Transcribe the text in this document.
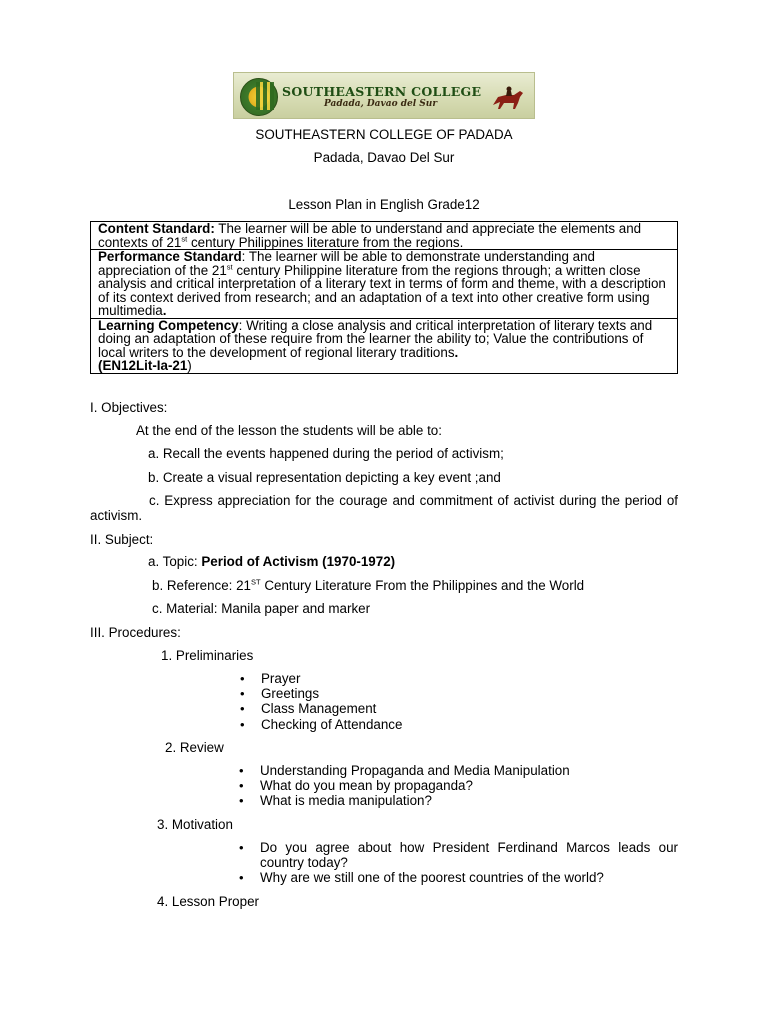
SOUTHEASTERN COLLEGE
Padada, Davao del Sur
SOUTHEASTERN COLLEGE OF PADADA
Padada, Davao Del Sur
Lesson Plan in English Grade12
Content Standard: The learner will be able to understand and appreciate the elements and contexts of 21st century Philippines literature from the regions.
Performance Standard: The learner will be able to demonstrate understanding and appreciation of the 21st century Philippine literature from the regions through; a written close analysis and critical interpretation of a literary text in terms of form and theme, with a description of its context derived from research; and an adaptation of a text into other creative form using multimedia.
Learning Competency: Writing a close analysis and critical interpretation of literary texts and doing an adaptation of these require from the learner the ability to; Value the contributions of local writers to the development of regional literary traditions.
(EN12Lit-Ia-21)
I. Objectives:
At the end of the lesson the students will be able to:
a. Recall the events happened during the period of activism;
b. Create a visual representation depicting a key event ;and
c. Express appreciation for the courage and commitment of activist during the period of activism.
II. Subject:
a. Topic: Period of Activism (1970-1972)
b. Reference: 21ST Century Literature From the Philippines and the World
c. Material: Manila paper and marker
III. Procedures:
1. Preliminaries
• Prayer
• Greetings
• Class Management
• Checking of Attendance
2. Review
• Understanding Propaganda and Media Manipulation
• What do you mean by propaganda?
• What is media manipulation?
3. Motivation
• Do you agree about how President Ferdinand Marcos leads our country today?
• Why are we still one of the poorest countries of the world?
4. Lesson Proper
